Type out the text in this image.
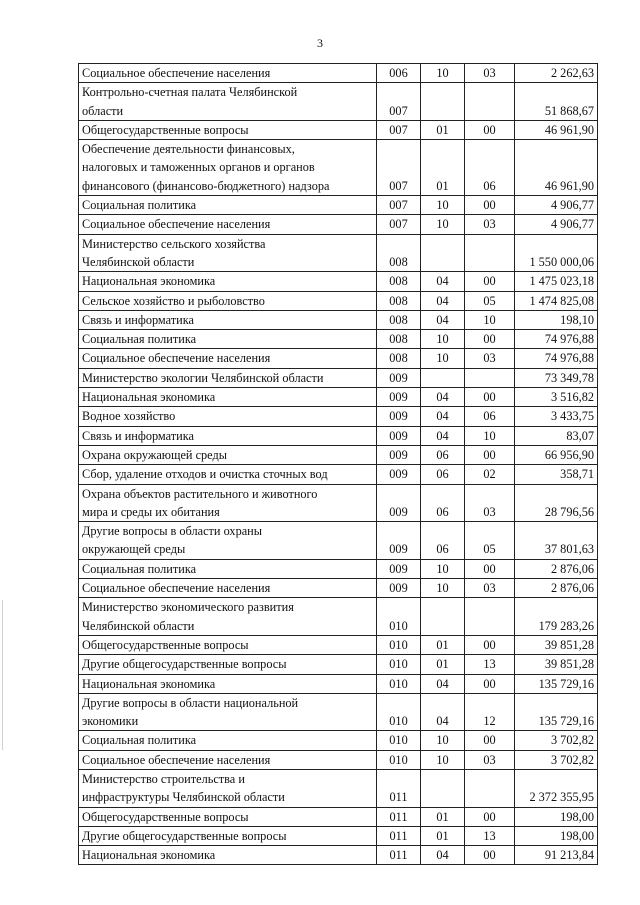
3
Социальное обеспечение населения	006	10	03	2 262,63

Контрольно-счетная палата Челябинской
области	007			51 868,67

Общегосударственные вопросы	007	01	00	46 961,90

Обеспечение деятельности финансовых,
налоговых и таможенных органов и органов
финансового (финансово-бюджетного) надзора	007	01	06	46 961,90

Социальная политика	007	10	00	4 906,77

Социальное обеспечение населения	007	10	03	4 906,77

Министерство сельского хозяйства
Челябинской области	008			1 550 000,06

Национальная экономика	008	04	00	1 475 023,18

Сельское хозяйство и рыболовство	008	04	05	1 474 825,08

Связь и информатика	008	04	10	198,10

Социальная политика	008	10	00	74 976,88

Социальное обеспечение населения	008	10	03	74 976,88

Министерство экологии Челябинской области	009			73 349,78

Национальная экономика	009	04	00	3 516,82

Водное хозяйство	009	04	06	3 433,75

Связь и информатика	009	04	10	83,07

Охрана окружающей среды	009	06	00	66 956,90

Сбор, удаление отходов и очистка сточных вод	009	06	02	358,71

Охрана объектов растительного и животного
мира и среды их обитания	009	06	03	28 796,56

Другие вопросы в области охраны
окружающей среды	009	06	05	37 801,63

Социальная политика	009	10	00	2 876,06

Социальное обеспечение населения	009	10	03	2 876,06

Министерство экономического развития
Челябинской области	010			179 283,26

Общегосударственные вопросы	010	01	00	39 851,28

Другие общегосударственные вопросы	010	01	13	39 851,28

Национальная экономика	010	04	00	135 729,16

Другие вопросы в области национальной
экономики	010	04	12	135 729,16

Социальная политика	010	10	00	3 702,82

Социальное обеспечение населения	010	10	03	3 702,82

Министерство строительства и
инфраструктуры Челябинской области	011			2 372 355,95

Общегосударственные вопросы	011	01	00	198,00

Другие общегосударственные вопросы	011	01	13	198,00

Национальная экономика	011	04	00	91 213,84
